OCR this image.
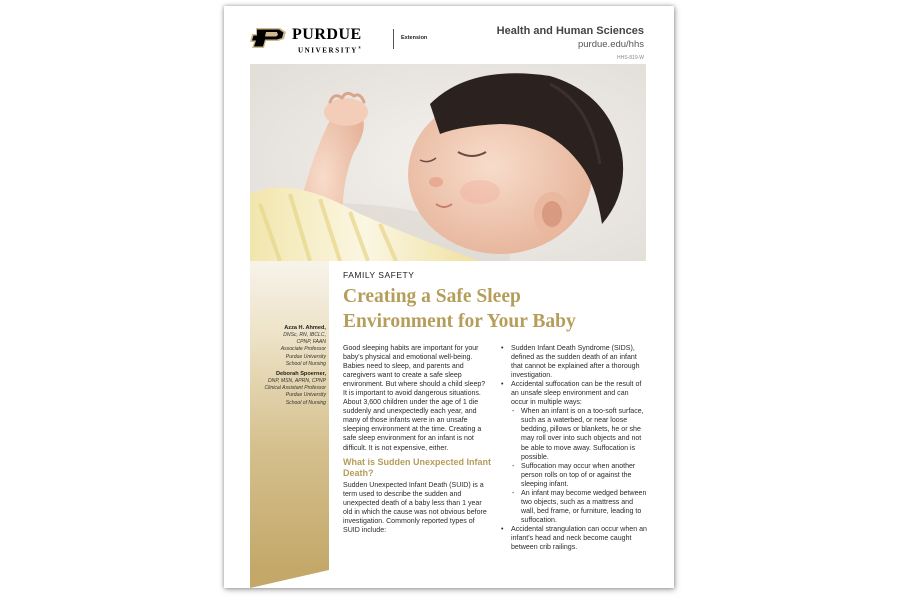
PURDUE
UNIVERSITY®
Extension
Health and Human Sciences
purdue.edu/hhs
HHS-819-W
Azza H. Ahmed,
DNSc, RN, IBCLC,
CPNP, FAAN
Associate Professor
Purdue University
School of Nursing
Deborah Spoerner,
DNP, MSN, APRN, CPNP
Clinical Assistant Professor
Purdue University
School of Nursing
FAMILY SAFETY
Creating a Safe Sleep
Environment for Your Baby

Good sleeping habits are important for your baby's physical and emotional well-being. Babies need to sleep, and parents and caregivers want to create a safe sleep environment. But where should a child sleep? It is important to avoid dangerous situations. About 3,600 children under the age of 1 die suddenly and unexpectedly each year, and many of those infants were in an unsafe sleeping environment at the time. Creating a safe sleep environment for an infant is not difficult. It is not expensive, either.

What is Sudden Unexpected Infant Death?

Sudden Unexpected Infant Death (SUID) is a term used to describe the sudden and unexpected death of a baby less than 1 year old in which the cause was not obvious before investigation. Commonly reported types of SUID include:

• Sudden Infant Death Syndrome (SIDS), defined as the sudden death of an infant that cannot be explained after a thorough investigation.
• Accidental suffocation can be the result of an unsafe sleep environment and can occur in multiple ways:
- When an infant is on a too-soft surface, such as a waterbed, or near loose bedding, pillows or blankets, he or she may roll over into such objects and not be able to move away. Suffocation is possible.
- Suffocation may occur when another person rolls on top of or against the sleeping infant.
- An infant may become wedged between two objects, such as a mattress and wall, bed frame, or furniture, leading to suffocation.
• Accidental strangulation can occur when an infant's head and neck become caught between crib railings.
